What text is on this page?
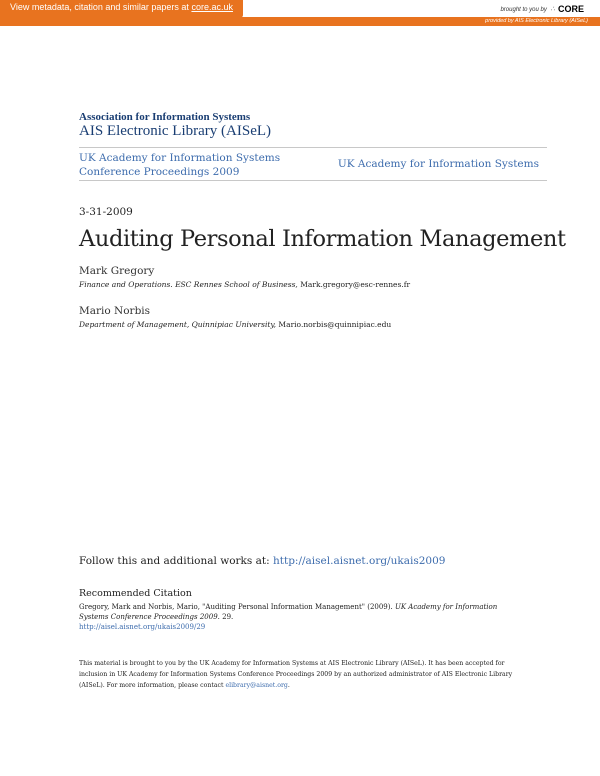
View metadata, citation and similar papers at core.ac.uk	brought to you by ∴ CORE
provided by AIS Electronic Library (AISeL)
Association for Information Systems
AIS Electronic Library (AISeL)
UK Academy for Information Systems Conference Proceedings 2009
UK Academy for Information Systems
3-31-2009
Auditing Personal Information Management
Mark Gregory
Finance and Operations. ESC Rennes School of Business, Mark.gregory@esc-rennes.fr
Mario Norbis
Department of Management, Quinnipiac University, Mario.norbis@quinnipiac.edu
Follow this and additional works at: http://aisel.aisnet.org/ukais2009
Recommended Citation
Gregory, Mark and Norbis, Mario, "Auditing Personal Information Management" (2009). UK Academy for Information Systems Conference Proceedings 2009. 29.
http://aisel.aisnet.org/ukais2009/29
This material is brought to you by the UK Academy for Information Systems at AIS Electronic Library (AISeL). It has been accepted for inclusion in UK Academy for Information Systems Conference Proceedings 2009 by an authorized administrator of AIS Electronic Library (AISeL). For more information, please contact elibrary@aisnet.org.
